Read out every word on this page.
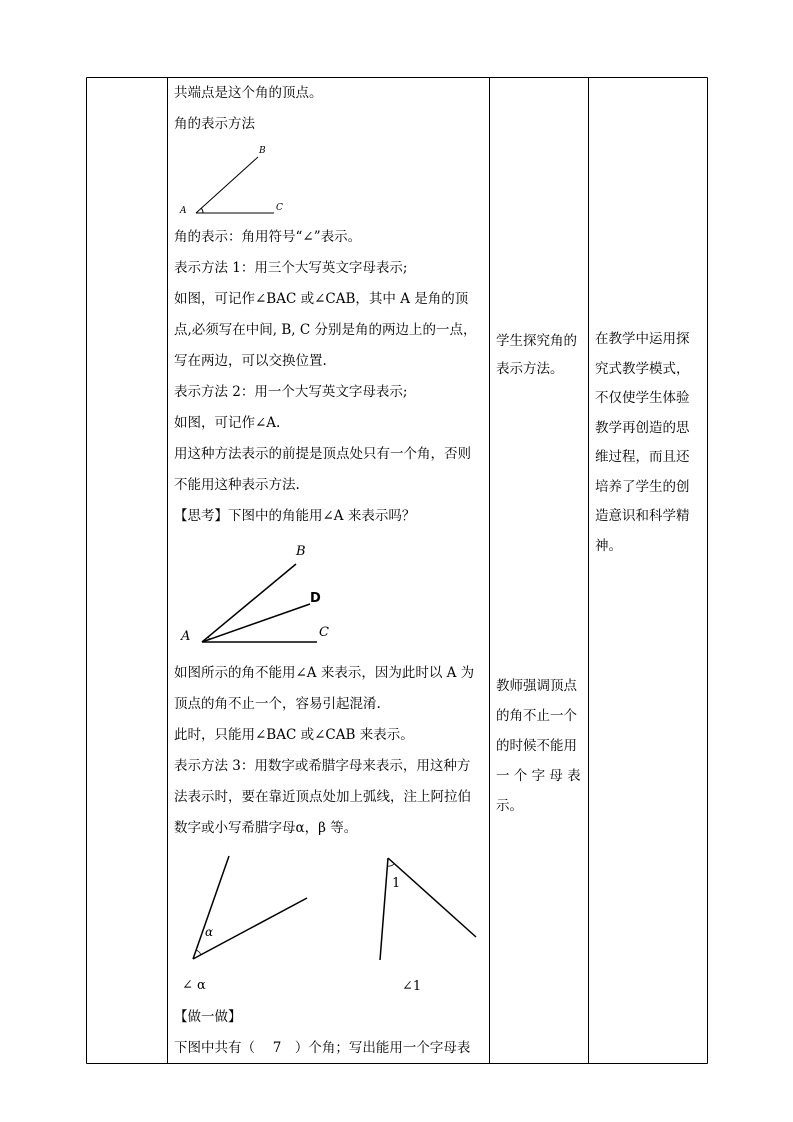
共端点是这个角的顶点。
角的表示方法
角的表示：角用符号“∠”表示。
表示方法 1：用三个大写英文字母表示;
如图，可记作∠BAC 或∠CAB，其中 A 是角的顶
点,必须写在中间, B, C 分别是角的两边上的一点，
写在两边，可以交换位置.
表示方法 2：用一个大写英文字母表示;
如图，可记作∠A.
用这种方法表示的前提是顶点处只有一个角，否则
不能用这种表示方法.
【思考】下图中的角能用∠A 来表示吗？
如图所示的角不能用∠A 来表示，因为此时以 A 为
顶点的角不止一个，容易引起混淆.
此时，只能用∠BAC 或∠CAB 来表示。
表示方法 3：用数字或希腊字母来表示，用这种方
法表示时，要在靠近顶点处加上弧线，注上阿拉伯
数字或小写希腊字母α，β 等。
【做一做】
下图中共有（　 7　）个角；写出能用一个字母表
A
B
C
A
B
D
C
α
∠ α
1
∠1
学生探究角的
表示方法。
教师强调顶点
的角不止一个
的时候不能用
一 个 字 母 表
示。
在教学中运用探
究式教学模式，
不仅使学生体验
教学再创造的思
维过程，而且还
培养了学生的创
造意识和科学精
神。
